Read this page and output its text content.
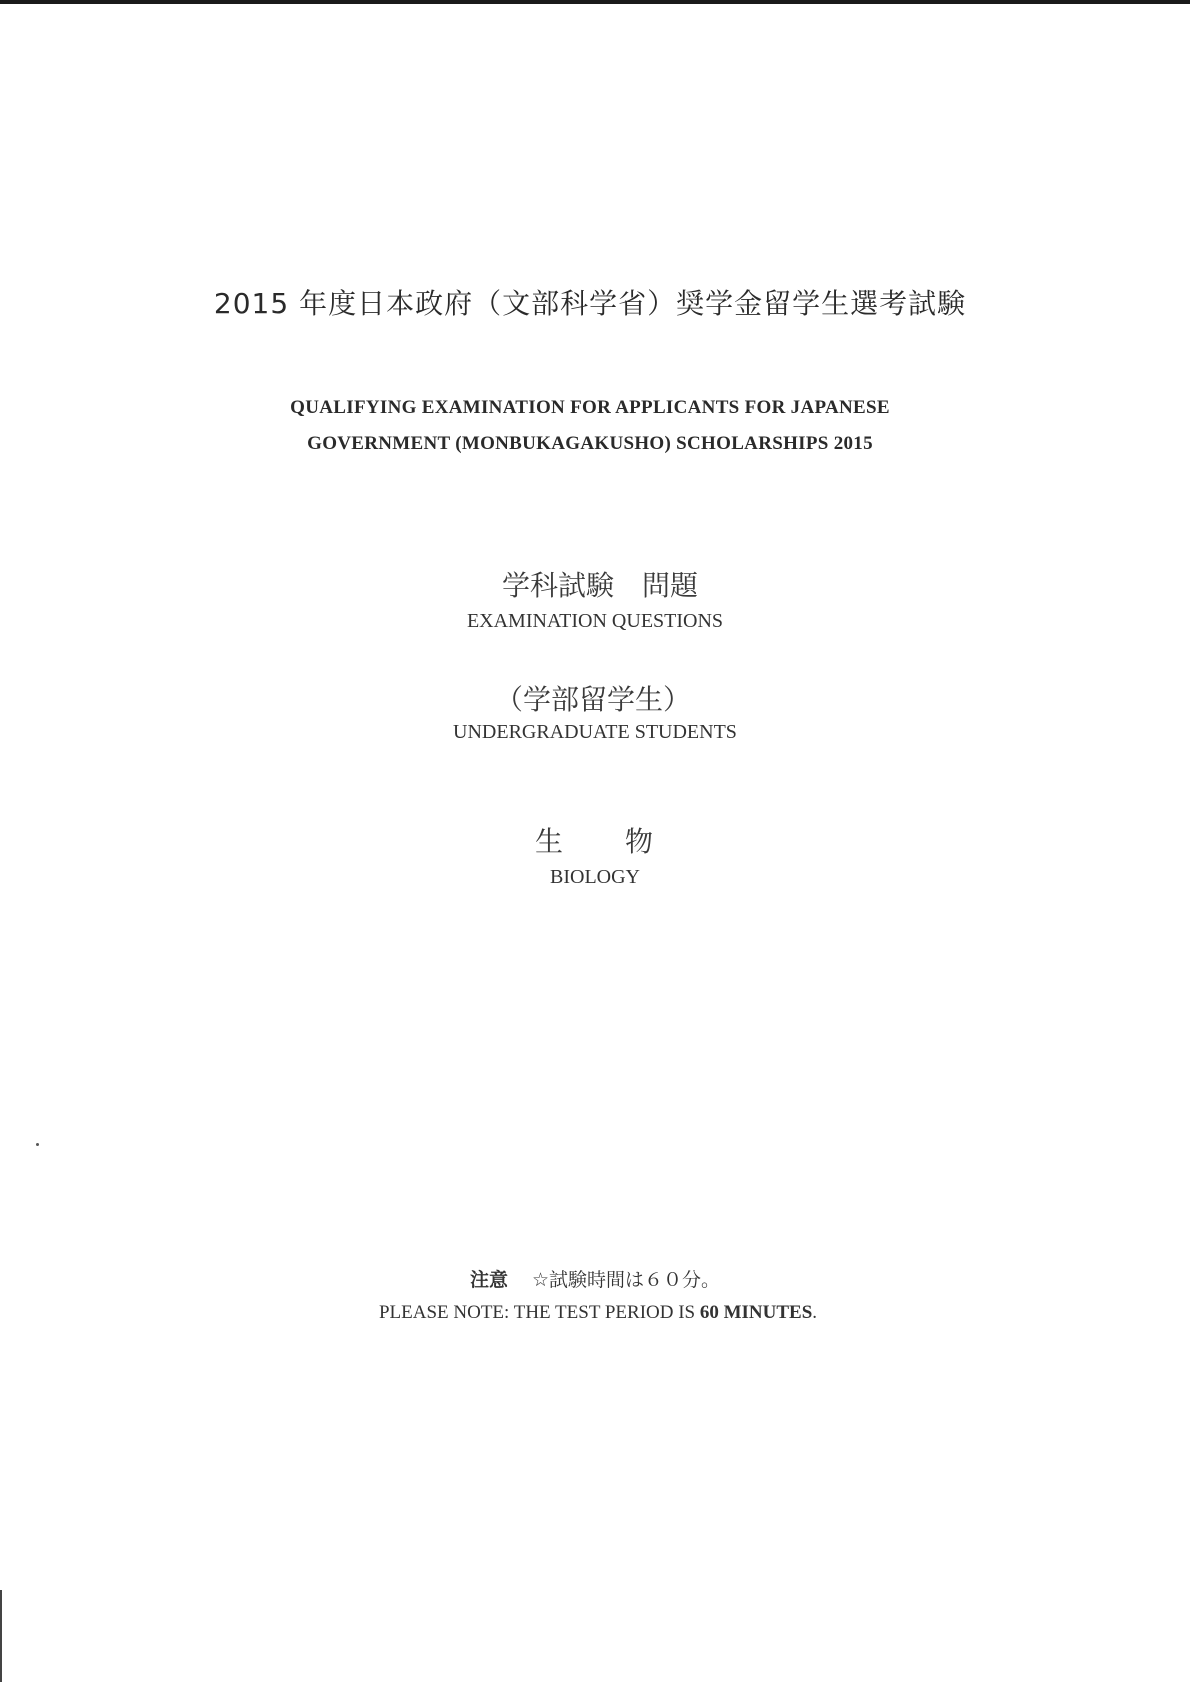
2015 年度日本政府（文部科学省）奨学金留学生選考試験
QUALIFYING EXAMINATION FOR APPLICANTS FOR JAPANESE
GOVERNMENT (MONBUKAGAKUSHO) SCHOLARSHIPS 2015
学科試験　問題
EXAMINATION QUESTIONS
（学部留学生）
UNDERGRADUATE STUDENTS
生　　物
BIOLOGY
注意 ☆試験時間は６０分。
PLEASE NOTE: THE TEST PERIOD IS 60 MINUTES.
